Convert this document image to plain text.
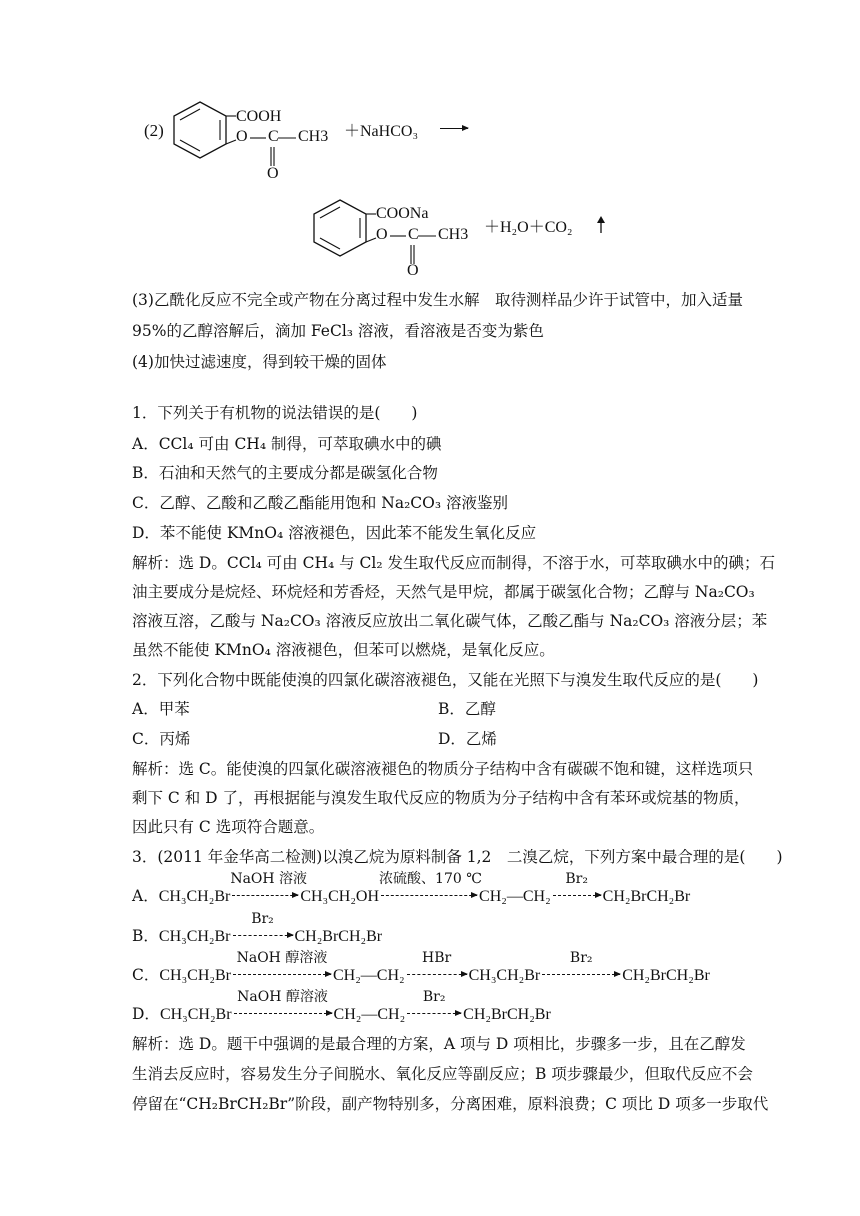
(2)
COOH
O C CH3
O
＋NaHCO₃
COONa
O C CH3
O
＋H₂O＋CO₂
(3)乙酰化反应不完全或产物在分离过程中发生水解　取待测样品少许于试管中，加入适量
95%的乙醇溶解后，滴加 FeCl₃ 溶液，看溶液是否变为紫色
(4)加快过滤速度，得到较干燥的固体
1．下列关于有机物的说法错误的是(　　)
A．CCl₄ 可由 CH₄ 制得，可萃取碘水中的碘
B．石油和天然气的主要成分都是碳氢化合物
C．乙醇、乙酸和乙酸乙酯能用饱和 Na₂CO₃ 溶液鉴别
D．苯不能使 KMnO₄ 溶液褪色，因此苯不能发生氧化反应
解析：选 D。CCl₄ 可由 CH₄ 与 Cl₂ 发生取代反应而制得，不溶于水，可萃取碘水中的碘；石
油主要成分是烷烃、环烷烃和芳香烃，天然气是甲烷，都属于碳氢化合物；乙醇与 Na₂CO₃
溶液互溶，乙酸与 Na₂CO₃ 溶液反应放出二氧化碳气体，乙酸乙酯与 Na₂CO₃ 溶液分层；苯
虽然不能使 KMnO₄ 溶液褪色，但苯可以燃烧，是氧化反应。
2．下列化合物中既能使溴的四氯化碳溶液褪色，又能在光照下与溴发生取代反应的是(　　)
A．甲苯	B．乙醇
C．丙烯	D．乙烯
解析：选 C。能使溴的四氯化碳溶液褪色的物质分子结构中含有碳碳不饱和键，这样选项只
剩下 C 和 D 了，再根据能与溴发生取代反应的物质为分子结构中含有苯环或烷基的物质，
因此只有 C 选项符合题意。
3．(2011 年金华高二检测)以溴乙烷为原料制备 1,2　二溴乙烷，下列方案中最合理的是(　　)
A．CH₃CH₂Br
NaOH 溶液
CH₃CH₂OH
浓硫酸、170 ℃
CH₂—CH₂
Br₂
CH₂BrCH₂Br
B．CH₃CH₂Br
Br₂
CH₂BrCH₂Br
C．CH₃CH₂Br
NaOH 醇溶液
CH₂—CH₂
HBr
CH₃CH₂Br
Br₂
CH₂BrCH₂Br
D．CH₃CH₂Br
NaOH 醇溶液
CH₂—CH₂
Br₂
CH₂BrCH₂Br
解析：选 D。题干中强调的是最合理的方案，A 项与 D 项相比，步骤多一步，且在乙醇发
生消去反应时，容易发生分子间脱水、氧化反应等副反应；B 项步骤最少，但取代反应不会
停留在“CH₂BrCH₂Br”阶段，副产物特别多，分离困难，原料浪费；C 项比 D 项多一步取代
